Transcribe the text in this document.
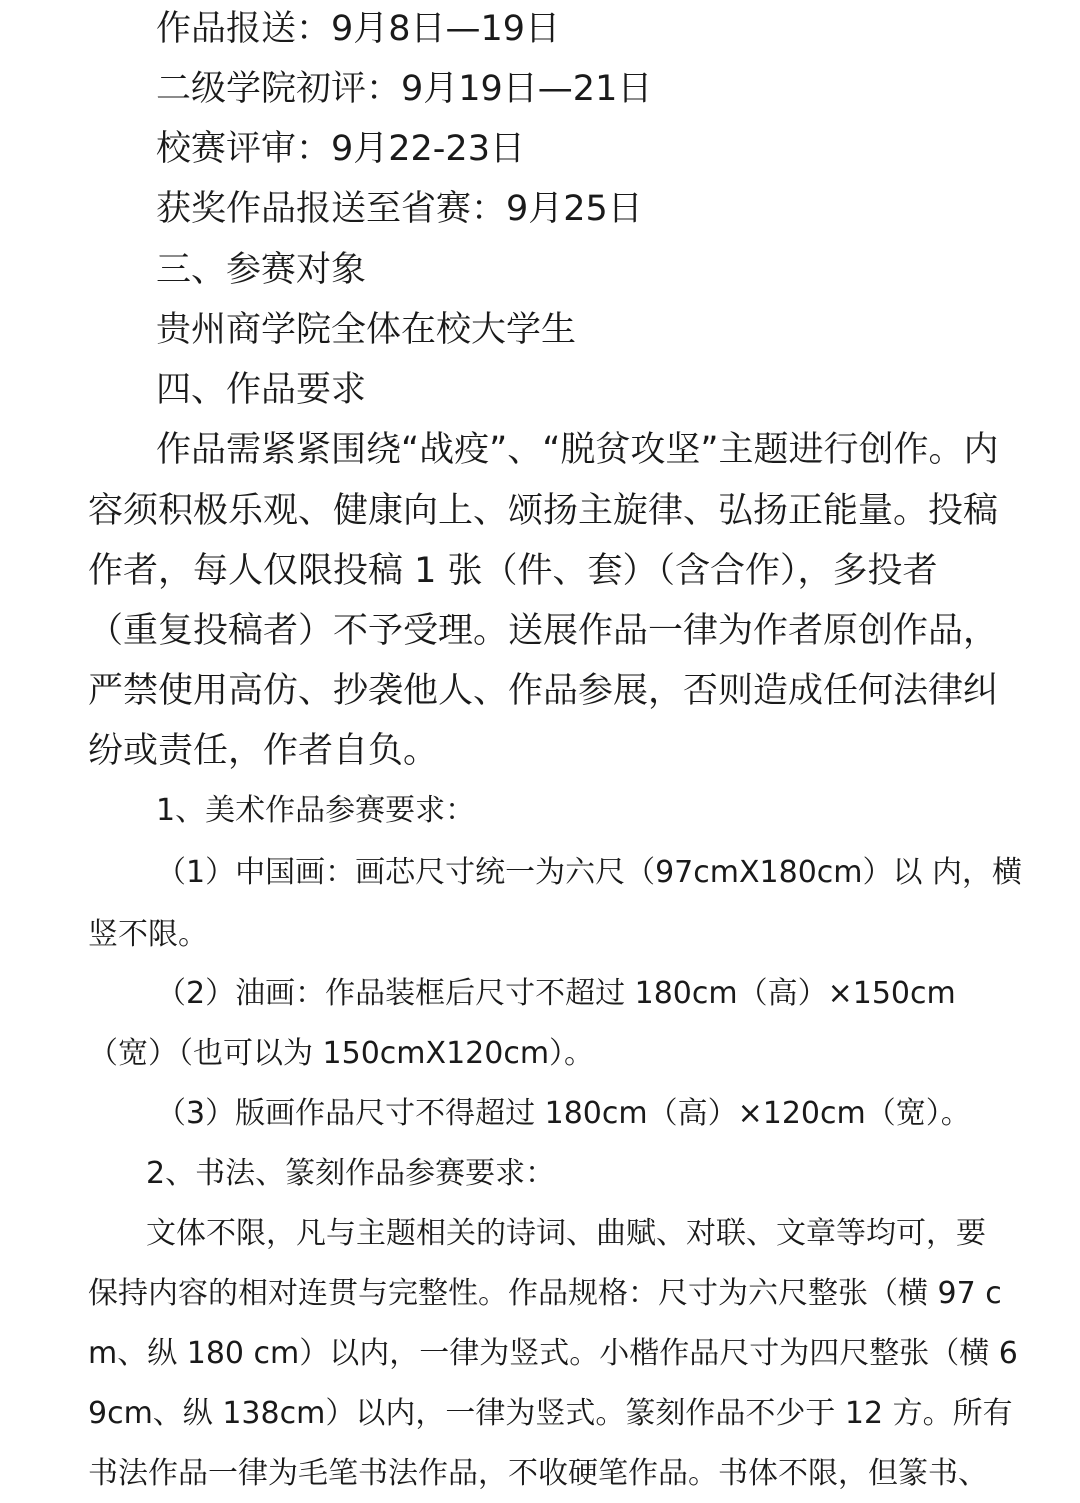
作品报送：9月8日—19日
二级学院初评：9月19日—21日
校赛评审：9月22-23日
获奖作品报送至省赛：9月25日
三、参赛对象
贵州商学院全体在校大学生
四、作品要求
作品需紧紧围绕“战疫”、“脱贫攻坚”主题进行创作。内
容须积极乐观、健康向上、颂扬主旋律、弘扬正能量。投稿
作者，每人仅限投稿 1 张（件、套）（含合作），多投者
（重复投稿者）不予受理。送展作品一律为作者原创作品，
严禁使用高仿、抄袭他人、作品参展，否则造成任何法律纠
纷或责任，作者自负。
1、美术作品参赛要求：
（1）中国画：画芯尺寸统一为六尺（97cmX180cm）以 内，横
竖不限。
（2）油画：作品装框后尺寸不超过 180cm（高）×150cm
（宽）（也可以为 150cmX120cm）。
（3）版画作品尺寸不得超过 180cm（高）×120cm（宽）。
2、书法、篆刻作品参赛要求：
文体不限，凡与主题相关的诗词、曲赋、对联、文章等均可，要
保持内容的相对连贯与完整性。作品规格：尺寸为六尺整张（横 97 c
m、纵 180 cm）以内，一律为竖式。小楷作品尺寸为四尺整张（横 6
9cm、纵 138cm）以内，一律为竖式。篆刻作品不少于 12 方。所有
书法作品一律为毛笔书法作品，不收硬笔作品。书体不限，但篆书、
